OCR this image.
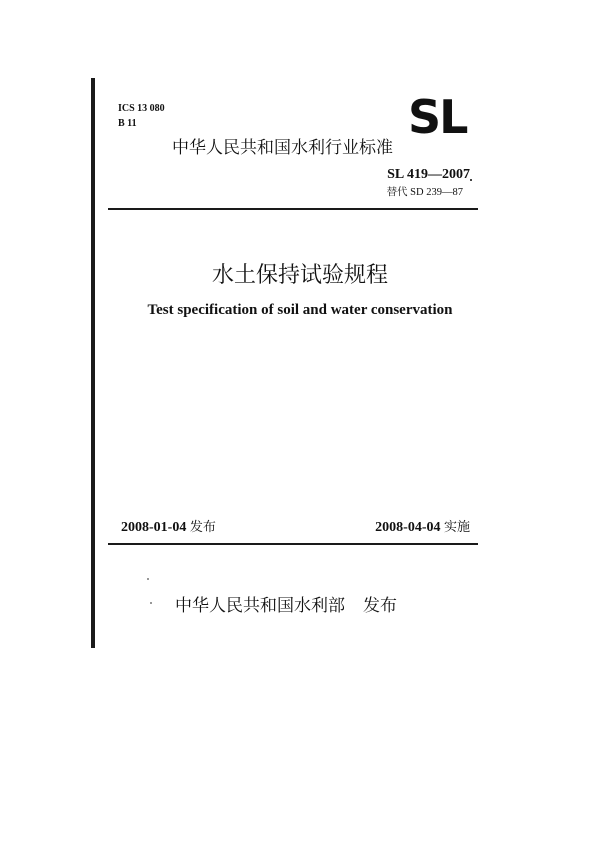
ICS 13 080
B 11	SL
中华人民共和国水利行业标准
SL 419—2007
替代 SD 239—87
水土保持试验规程
Test specification of soil and water conservation
2008-01-04 发布	2008-04-04 实施
中华人民共和国水利部 发布
